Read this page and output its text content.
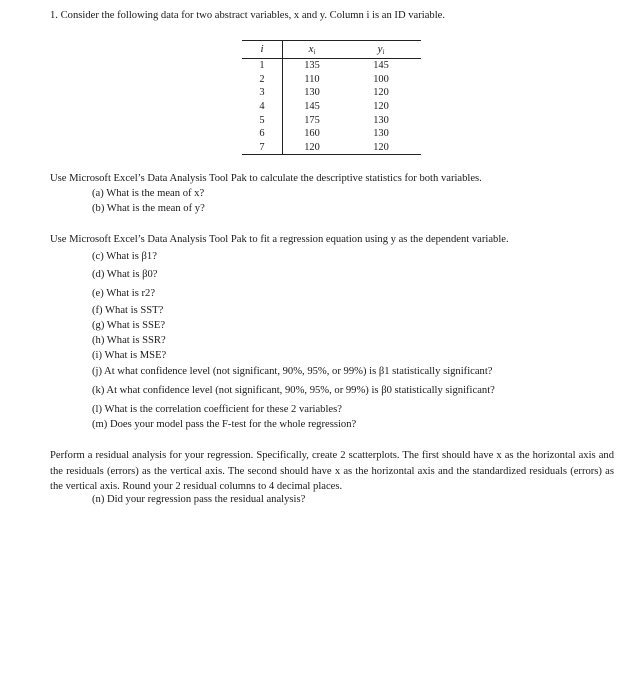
1. Consider the following data for two abstract variables, x and y. Column i is an ID variable.
i	$x_i$	$y_i$
1	135	145
2	110	100
3	130	120
4	145	120
5	175	130
6	160	130
7	120	120
Use Microsoft Excel’s Data Analysis Tool Pak to calculate the descriptive statistics for both variables.
(a) What is the mean of x?
(b) What is the mean of y?
Use Microsoft Excel’s Data Analysis Tool Pak to fit a regression equation using y as the dependent variable.
(c) What is β1?
(d) What is β0?
(e) What is r2?
(f) What is SST?
(g) What is SSE?
(h) What is SSR?
(i) What is MSE?
(j) At what confidence level (not significant, 90%, 95%, or 99%) is β1 statistically significant?
(k) At what confidence level (not significant, 90%, 95%, or 99%) is β0 statistically significant?
(l) What is the correlation coefficient for these 2 variables?
(m) Does your model pass the F-test for the whole regression?
Perform a residual analysis for your regression. Specifically, create 2 scatterplots. The first should have x as the horizontal axis and the residuals (errors) as the vertical axis. The second should have x as the horizontal axis and the standardized residuals (errors) as the vertical axis. Round your 2 residual columns to 4 decimal places.
(n) Did your regression pass the residual analysis?
